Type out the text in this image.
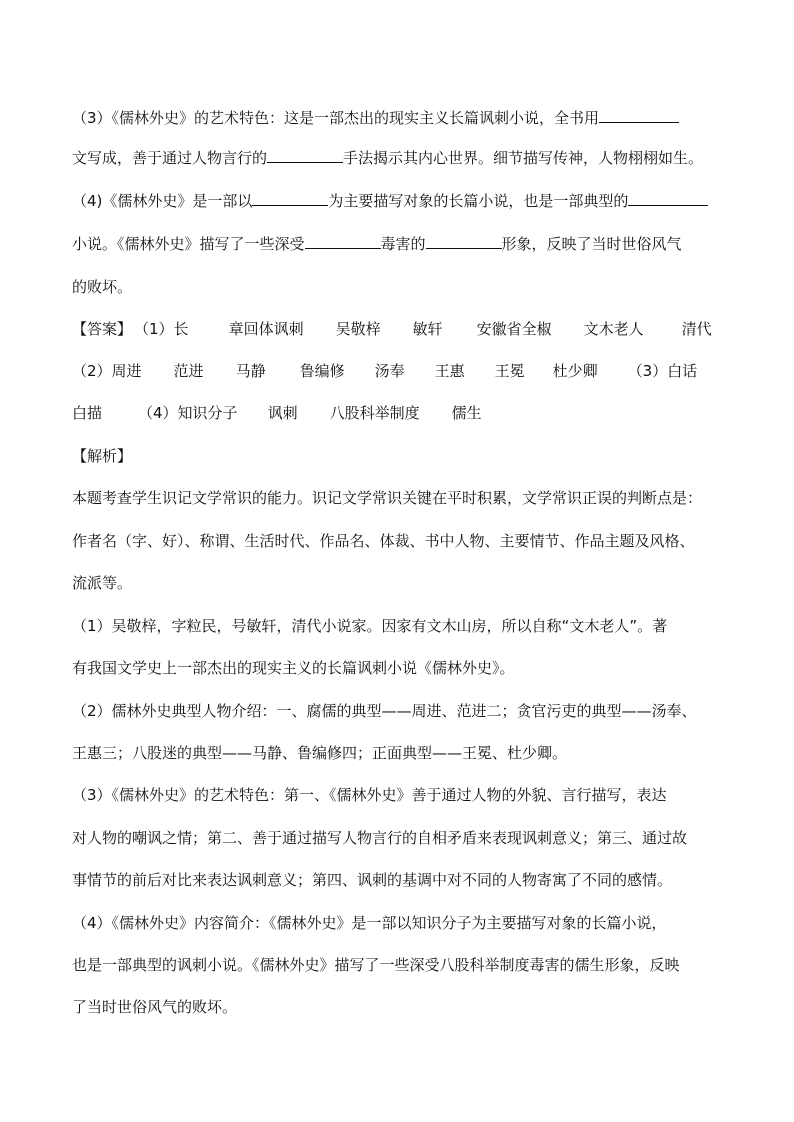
（3）《儒林外史》的艺术特色：这是一部杰出的现实主义长篇讽刺小说，全书用
文写成，善于通过人物言行的	手法揭示其内心世界。细节描写传神，人物栩栩如生。
（4)《儒林外史》是一部以	为主要描写对象的长篇小说，也是一部典型的
小说。《儒林外史》描写了一些深受	毒害的	形象，反映了当时世俗风气
的败坏。
【答案】 （1）长	章回体讽刺 吴敬梓 敏轩 安徽省全椒 文木老人	清代
（2）周进 范进 马静 鲁编修 汤奉 王惠 王冕 杜少卿 （3）白话
白描 （4）知识分子 讽刺 八股科举制度 儒生
【解析】
本题考查学生识记文学常识的能力。识记文学常识关键在平时积累，文学常识正误的判断点是：
作者名（字、好）、称谓、生活时代、作品名、体裁、书中人物、主要情节、作品主题及风格、
流派等。
（1）吴敬梓，字粒民，号敏轩，清代小说家。因家有文木山房，所以自称“文木老人”。著
有我国文学史上一部杰出的现实主义的长篇讽刺小说《儒林外史》。
（2）儒林外史典型人物介绍：一、腐儒的典型——周进、范进二；贪官污吏的典型——汤奉、
王惠三；八股迷的典型——马静、鲁编修四；正面典型——王冕、杜少卿。
（3）《儒林外史》的艺术特色：第一、《儒林外史》善于通过人物的外貌、言行描写，表达
对人物的嘲讽之情；第二、善于通过描写人物言行的自相矛盾来表现讽刺意义；第三、通过故
事情节的前后对比来表达讽刺意义；第四、讽刺的基调中对不同的人物寄寓了不同的感情。
（4）《儒林外史》内容简介：《儒林外史》是一部以知识分子为主要描写对象的长篇小说，
也是一部典型的讽刺小说。《儒林外史》描写了一些深受八股科举制度毒害的儒生形象，反映
了当时世俗风气的败坏。
